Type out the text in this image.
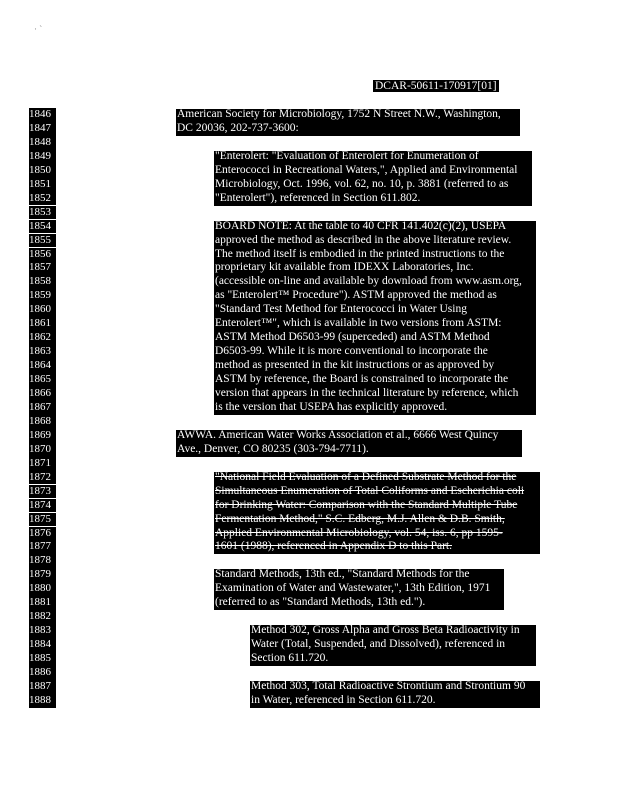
· ˋ
DCAR-50611-170917[01]
1846
1847
1848
1849
1850
1851
1852
1853
1854
1855
1856
1857
1858
1859
1860
1861
1862
1863
1864
1865
1866
1867
1868
1869
1870
1871
1872
1873
1874
1875
1876
1877
1878
1879
1880
1881
1882
1883
1884
1885
1886
1887
1888
American Society for Microbiology, 1752 N Street N.W., Washington,
DC 20036, 202-737-3600:
"Enterolert: "Evaluation of Enterolert for Enumeration of
Enterococci in Recreational Waters,", Applied and Environmental
Microbiology, Oct. 1996, vol. 62, no. 10, p. 3881 (referred to as
"Enterolert"), referenced in Section 611.802.
BOARD NOTE: At the table to 40 CFR 141.402(c)(2), USEPA
approved the method as described in the above literature review.
The method itself is embodied in the printed instructions to the
proprietary kit available from IDEXX Laboratories, Inc.
(accessible on-line and available by download from www.asm.org,
as "Enterolert™ Procedure"). ASTM approved the method as
"Standard Test Method for Enterococci in Water Using
Enterolert™", which is available in two versions from ASTM:
ASTM Method D6503-99 (superceded) and ASTM Method
D6503-99. While it is more conventional to incorporate the
method as presented in the kit instructions or as approved by
ASTM by reference, the Board is constrained to incorporate the
version that appears in the technical literature by reference, which
is the version that USEPA has explicitly approved.
AWWA. American Water Works Association et al., 6666 West Quincy
Ave., Denver, CO 80235 (303-794-7711).
"National Field Evaluation of a Defined Substrate Method for the
Simultaneous Enumeration of Total Coliforms and Escherichia coli
for Drinking Water: Comparison with the Standard Multiple Tube
Fermentation Method," S.C. Edberg, M.J. Allen & D.B. Smith,
Applied Environmental Microbiology, vol. 54, iss. 6, pp 1595-
1601 (1988), referenced in Appendix D to this Part.
Standard Methods, 13th ed., "Standard Methods for the
Examination of Water and Wastewater,", 13th Edition, 1971
(referred to as "Standard Methods, 13th ed.").
Method 302, Gross Alpha and Gross Beta Radioactivity in
Water (Total, Suspended, and Dissolved), referenced in
Section 611.720.
Method 303, Total Radioactive Strontium and Strontium 90
in Water, referenced in Section 611.720.
